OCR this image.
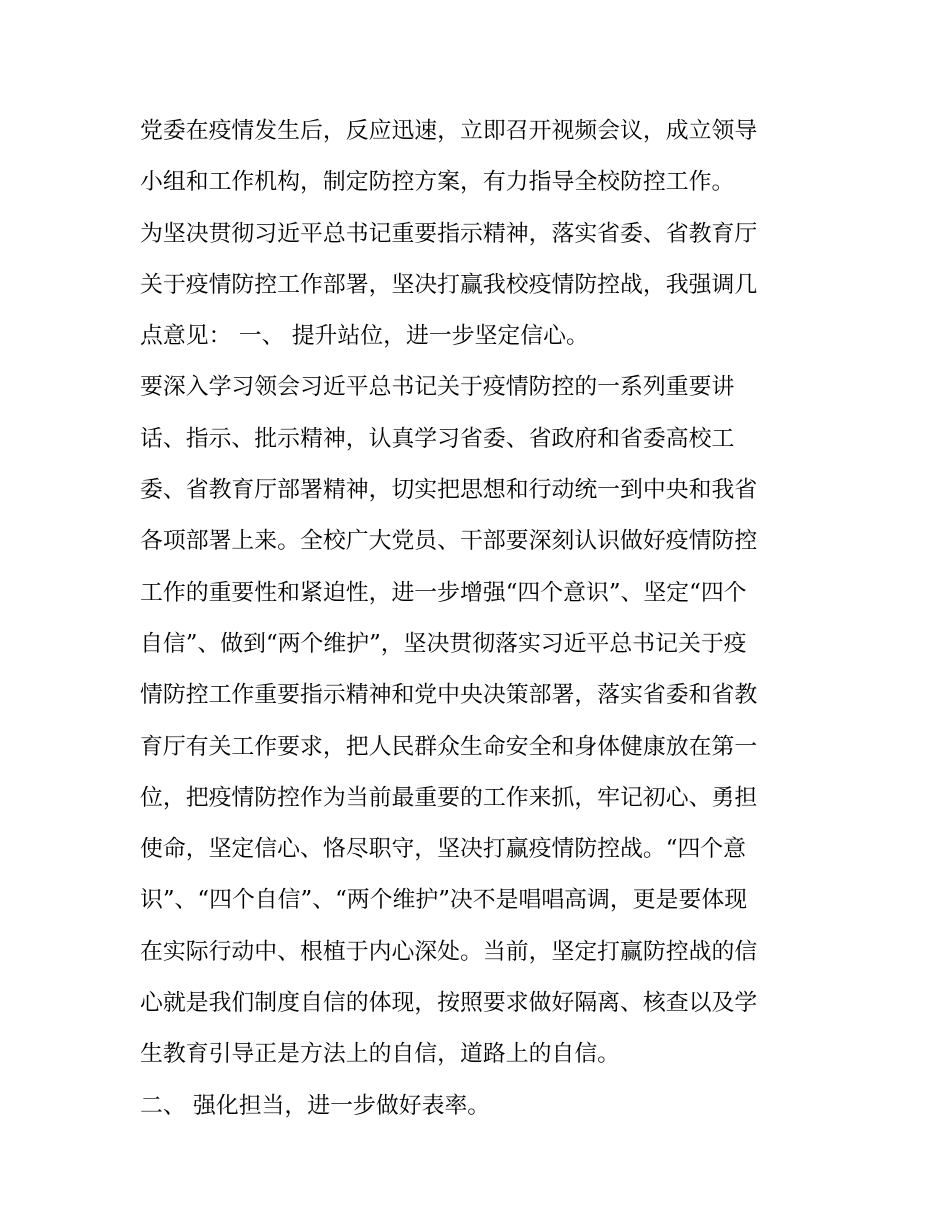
党委在疫情发生后，反应迅速，立即召开视频会议，成立领导
小组和工作机构，制定防控方案，有力指导全校防控工作。
为坚决贯彻习近平总书记重要指示精神，落实省委、省教育厅
关于疫情防控工作部署，坚决打赢我校疫情防控战，我强调几
点意见： 一、 提升站位，进一步坚定信心。
要深入学习领会习近平总书记关于疫情防控的一系列重要讲
话、指示、批示精神，认真学习省委、省政府和省委高校工
委、省教育厅部署精神，切实把思想和行动统一到中央和我省
各项部署上来。全校广大党员、干部要深刻认识做好疫情防控
工作的重要性和紧迫性，进一步增强“四个意识”、坚定“四个
自信”、做到“两个维护”，坚决贯彻落实习近平总书记关于疫
情防控工作重要指示精神和党中央决策部署，落实省委和省教
育厅有关工作要求，把人民群众生命安全和身体健康放在第一
位，把疫情防控作为当前最重要的工作来抓，牢记初心、勇担
使命，坚定信心、恪尽职守，坚决打赢疫情防控战。“四个意
识”、“四个自信”、“两个维护”决不是唱唱高调，更是要体现
在实际行动中、根植于内心深处。当前，坚定打赢防控战的信
心就是我们制度自信的体现，按照要求做好隔离、核查以及学
生教育引导正是方法上的自信，道路上的自信。
二、 强化担当，进一步做好表率。
